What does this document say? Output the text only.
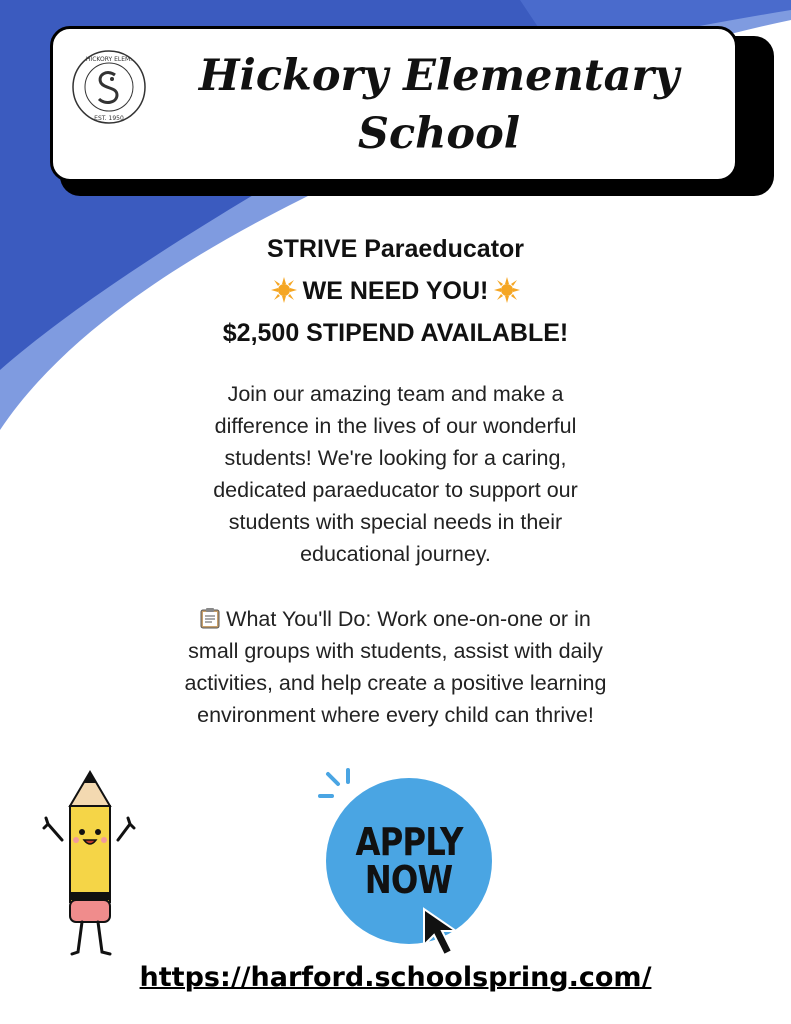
HICKORY ELEM.
EST. 1950
Hickory Elementary
School
STRIVE Paraeducator
WE NEED YOU!
$2,500 STIPEND AVAILABLE!
Join our amazing team and make a
difference in the lives of our wonderful
students! We're looking for a caring,
dedicated paraeducator to support our
students with special needs in their
educational journey.
What You'll Do: Work one-on-one or in
small groups with students, assist with daily
activities, and help create a positive learning
environment where every child can thrive!
APPLY
NOW
https://harford.schoolspring.com/
